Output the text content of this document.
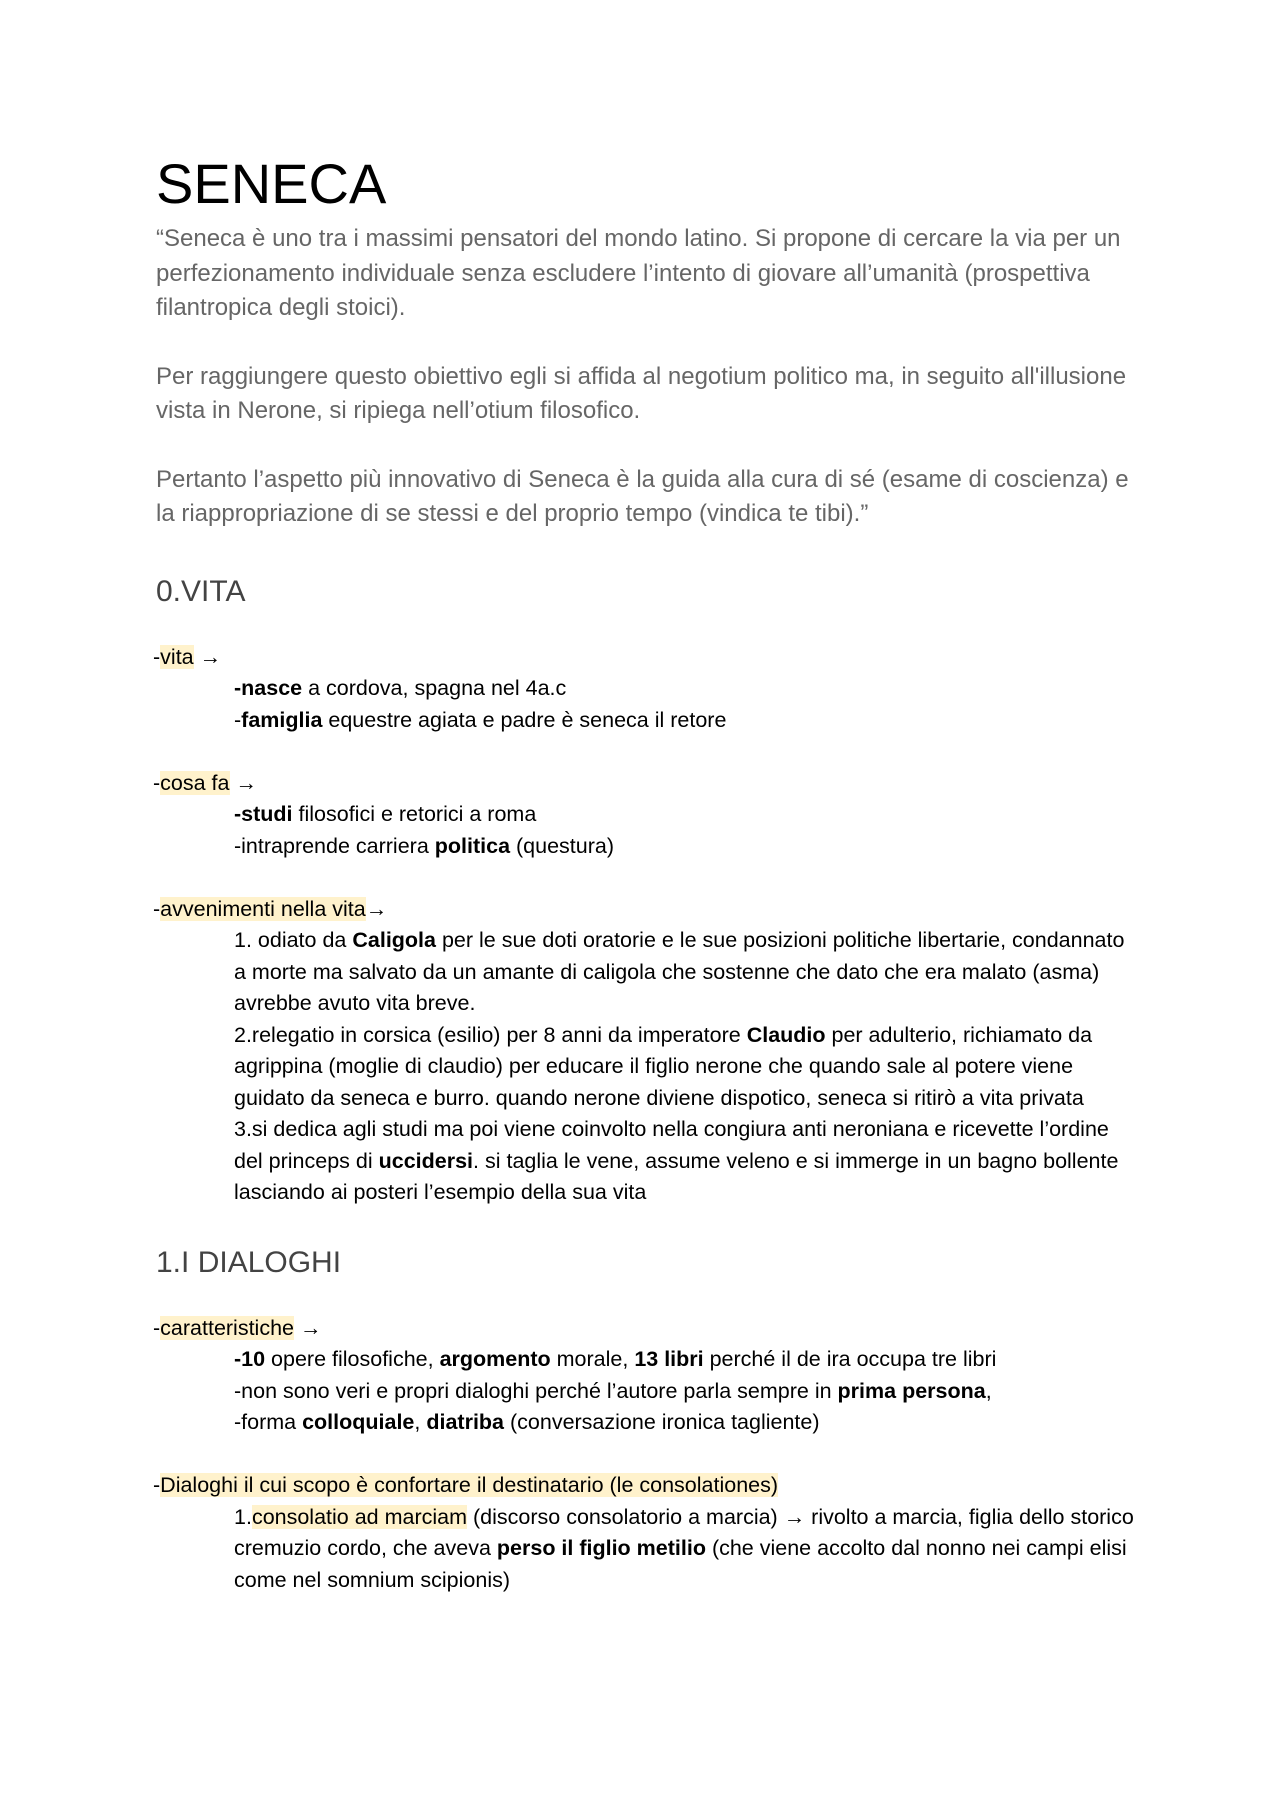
SENECA

“Seneca è uno tra i massimi pensatori del mondo latino. Si propone di cercare la via per un perfezionamento individuale senza escludere l’intento di giovare all’umanità (prospettiva filantropica degli stoici).

Per raggiungere questo obiettivo egli si affida al negotium politico ma, in seguito all'illusione vista in Nerone, si ripiega nell’otium filosofico.

Pertanto l’aspetto più innovativo di Seneca è la guida alla cura di sé (esame di coscienza) e la riappropriazione di se stessi e del proprio tempo (vindica te tibi).”

0.VITA
-vita →
-nasce a cordova, spagna nel 4a.c
-famiglia equestre agiata e padre è seneca il retore
-cosa fa →
-studi filosofici e retorici a roma
-intraprende carriera politica (questura)
-avvenimenti nella vita→
1. odiato da Caligola per le sue doti oratorie e le sue posizioni politiche libertarie, condannato a morte ma salvato da un amante di caligola che sostenne che dato che era malato (asma) avrebbe avuto vita breve.
2.relegatio in corsica (esilio) per 8 anni da imperatore Claudio per adulterio, richiamato da agrippina (moglie di claudio) per educare il figlio nerone che quando sale al potere viene guidato da seneca e burro. quando nerone diviene dispotico, seneca si ritirò a vita privata
3.si dedica agli studi ma poi viene coinvolto nella congiura anti neroniana e ricevette l’ordine del princeps di uccidersi. si taglia le vene, assume veleno e si immerge in un bagno bollente lasciando ai posteri l’esempio della sua vita
1.I DIALOGHI
-caratteristiche →
-10 opere filosofiche, argomento morale, 13 libri perché il de ira occupa tre libri
-non sono veri e propri dialoghi perché l’autore parla sempre in prima persona,
-forma colloquiale, diatriba (conversazione ironica tagliente)
-Dialoghi il cui scopo è confortare il destinatario (le consolationes)
1.consolatio ad marciam (discorso consolatorio a marcia) → rivolto a marcia, figlia dello storico cremuzio cordo, che aveva perso il figlio metilio (che viene accolto dal nonno nei campi elisi come nel somnium scipionis)
